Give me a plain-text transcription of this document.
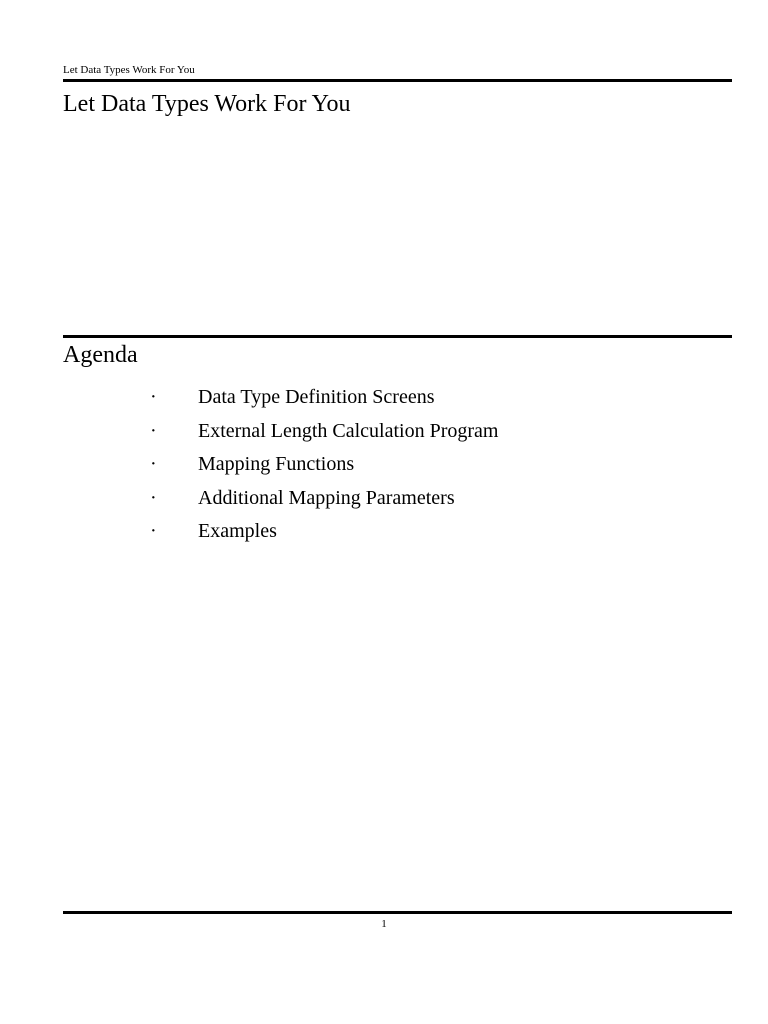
Let Data Types Work For You
Let Data Types Work For You
Agenda
·	Data Type Definition Screens
·	External Length Calculation Program
·	Mapping Functions
·	Additional Mapping Parameters
·	Examples
1
